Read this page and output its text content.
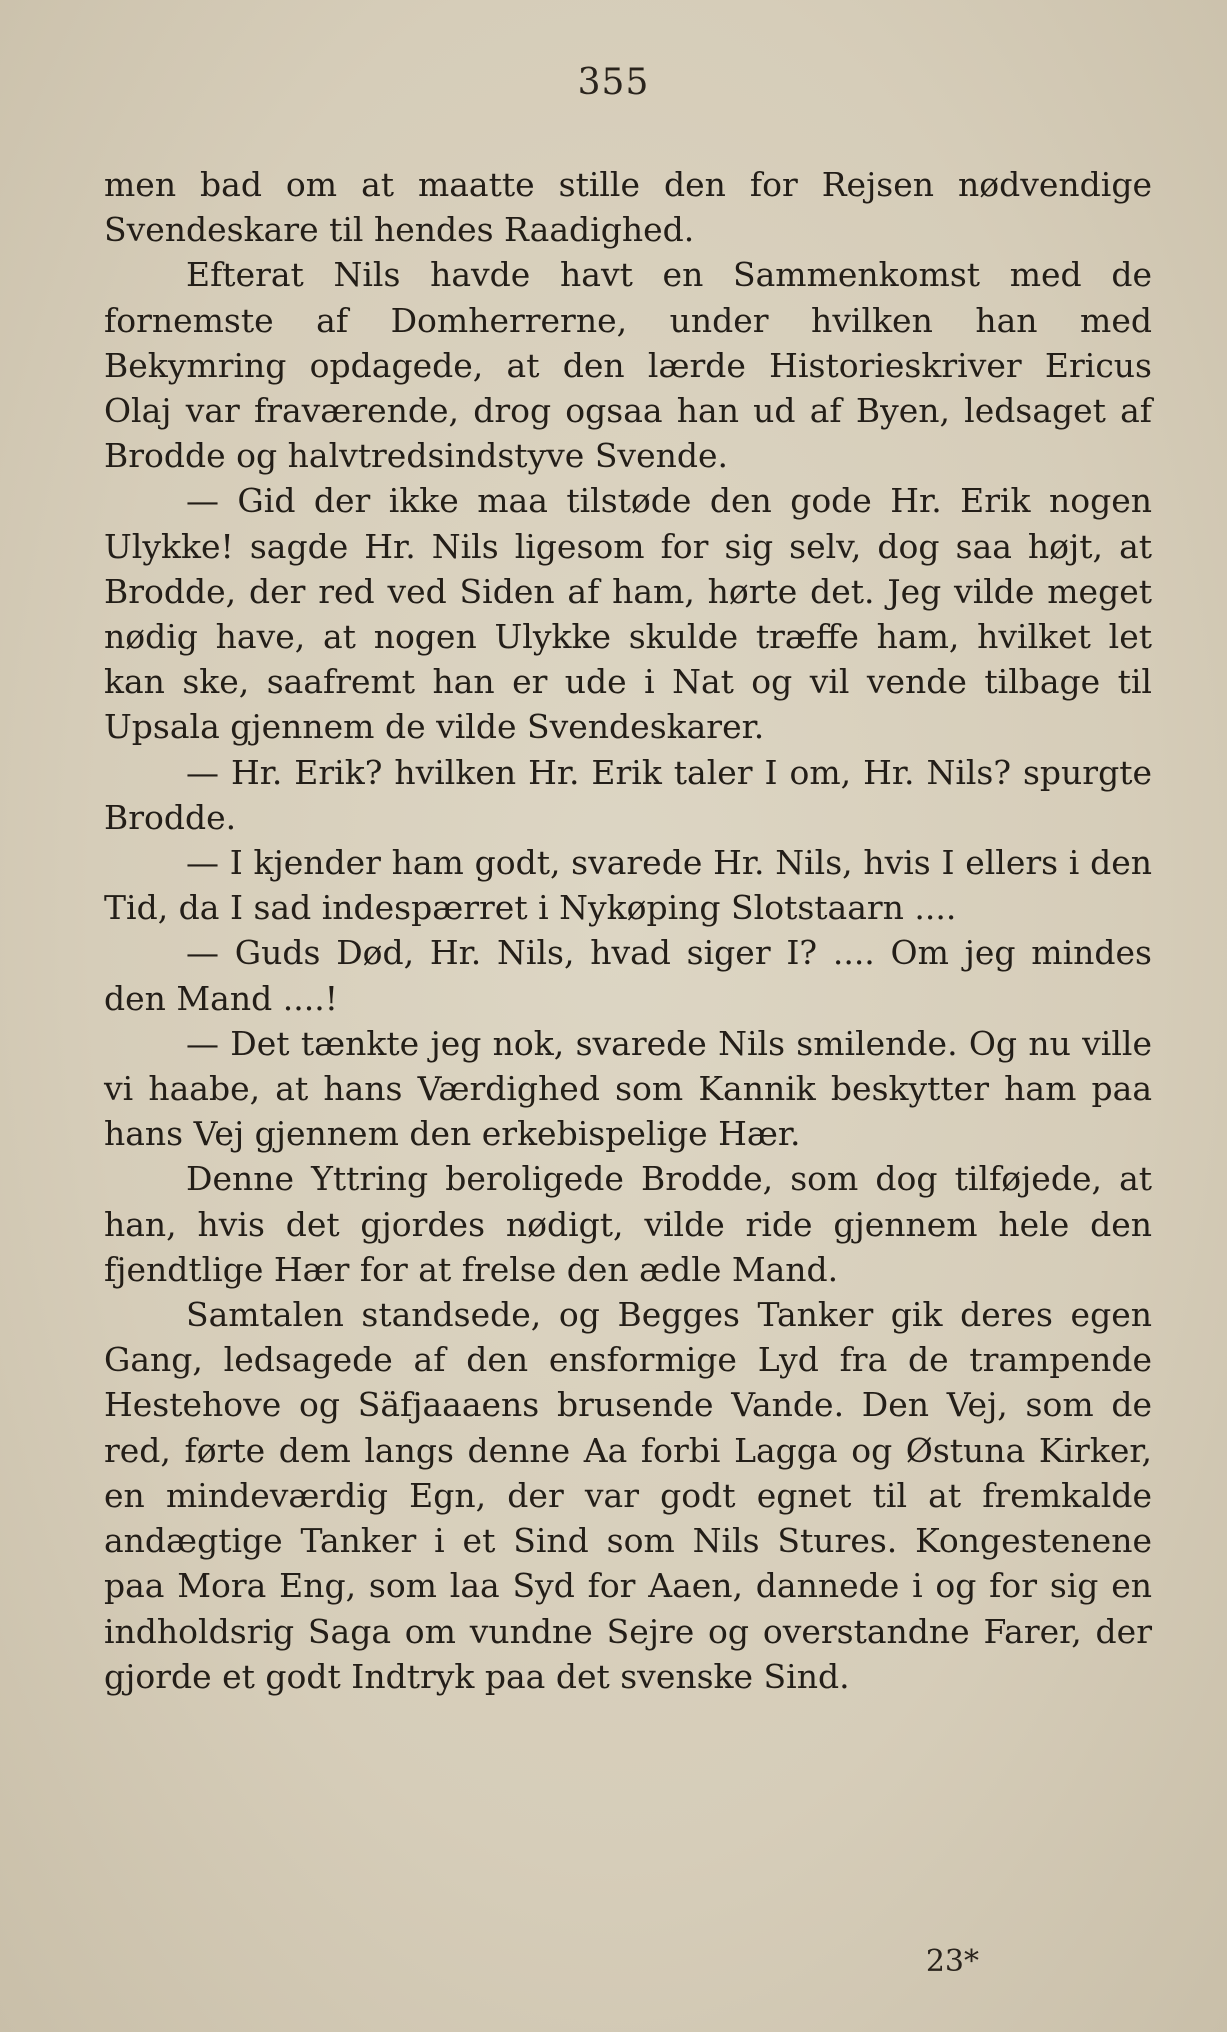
355

men bad om at maatte stille den for Rejsen nødvendige Svendeskare til hendes Raadighed.

Efterat Nils havde havt en Sammenkomst med de fornemste af Domherrerne, under hvilken han med Bekymring opdagede, at den lærde Historieskriver Ericus Olaj var fraværende, drog ogsaa han ud af Byen, ledsaget af Brodde og halvtredsindstyve Svende.

— Gid der ikke maa tilstøde den gode Hr. Erik nogen Ulykke! sagde Hr. Nils ligesom for sig selv, dog saa højt, at Brodde, der red ved Siden af ham, hørte det. Jeg vilde meget nødig have, at nogen Ulykke skulde træffe ham, hvilket let kan ske, saafremt han er ude i Nat og vil vende tilbage til Upsala gjennem de vilde Svendeskarer.

— Hr. Erik? hvilken Hr. Erik taler I om, Hr. Nils? spurgte Brodde.

— I kjender ham godt, svarede Hr. Nils, hvis I ellers i den Tid, da I sad indespærret i Nykøping Slotstaarn ....

— Guds Død, Hr. Nils, hvad siger I? .... Om jeg mindes den Mand ....!

— Det tænkte jeg nok, svarede Nils smilende. Og nu ville vi haabe, at hans Værdighed som Kannik beskytter ham paa hans Vej gjennem den erkebispelige Hær.

Denne Yttring beroligede Brodde, som dog tilføjede, at han, hvis det gjordes nødigt, vilde ride gjennem hele den fjendtlige Hær for at frelse den ædle Mand.

Samtalen standsede, og Begges Tanker gik deres egen Gang, ledsagede af den ensformige Lyd fra de trampende Hestehove og Säfjaaaens brusende Vande. Den Vej, som de red, førte dem langs denne Aa forbi Lagga og Østuna Kirker, en mindeværdig Egn, der var godt egnet til at fremkalde andægtige Tanker i et Sind som Nils Stures. Kongestenene paa Mora Eng, som laa Syd for Aaen, dannede i og for sig en indholdsrig Saga om vundne Sejre og overstandne Farer, der gjorde et godt Indtryk paa det svenske Sind.

23*
